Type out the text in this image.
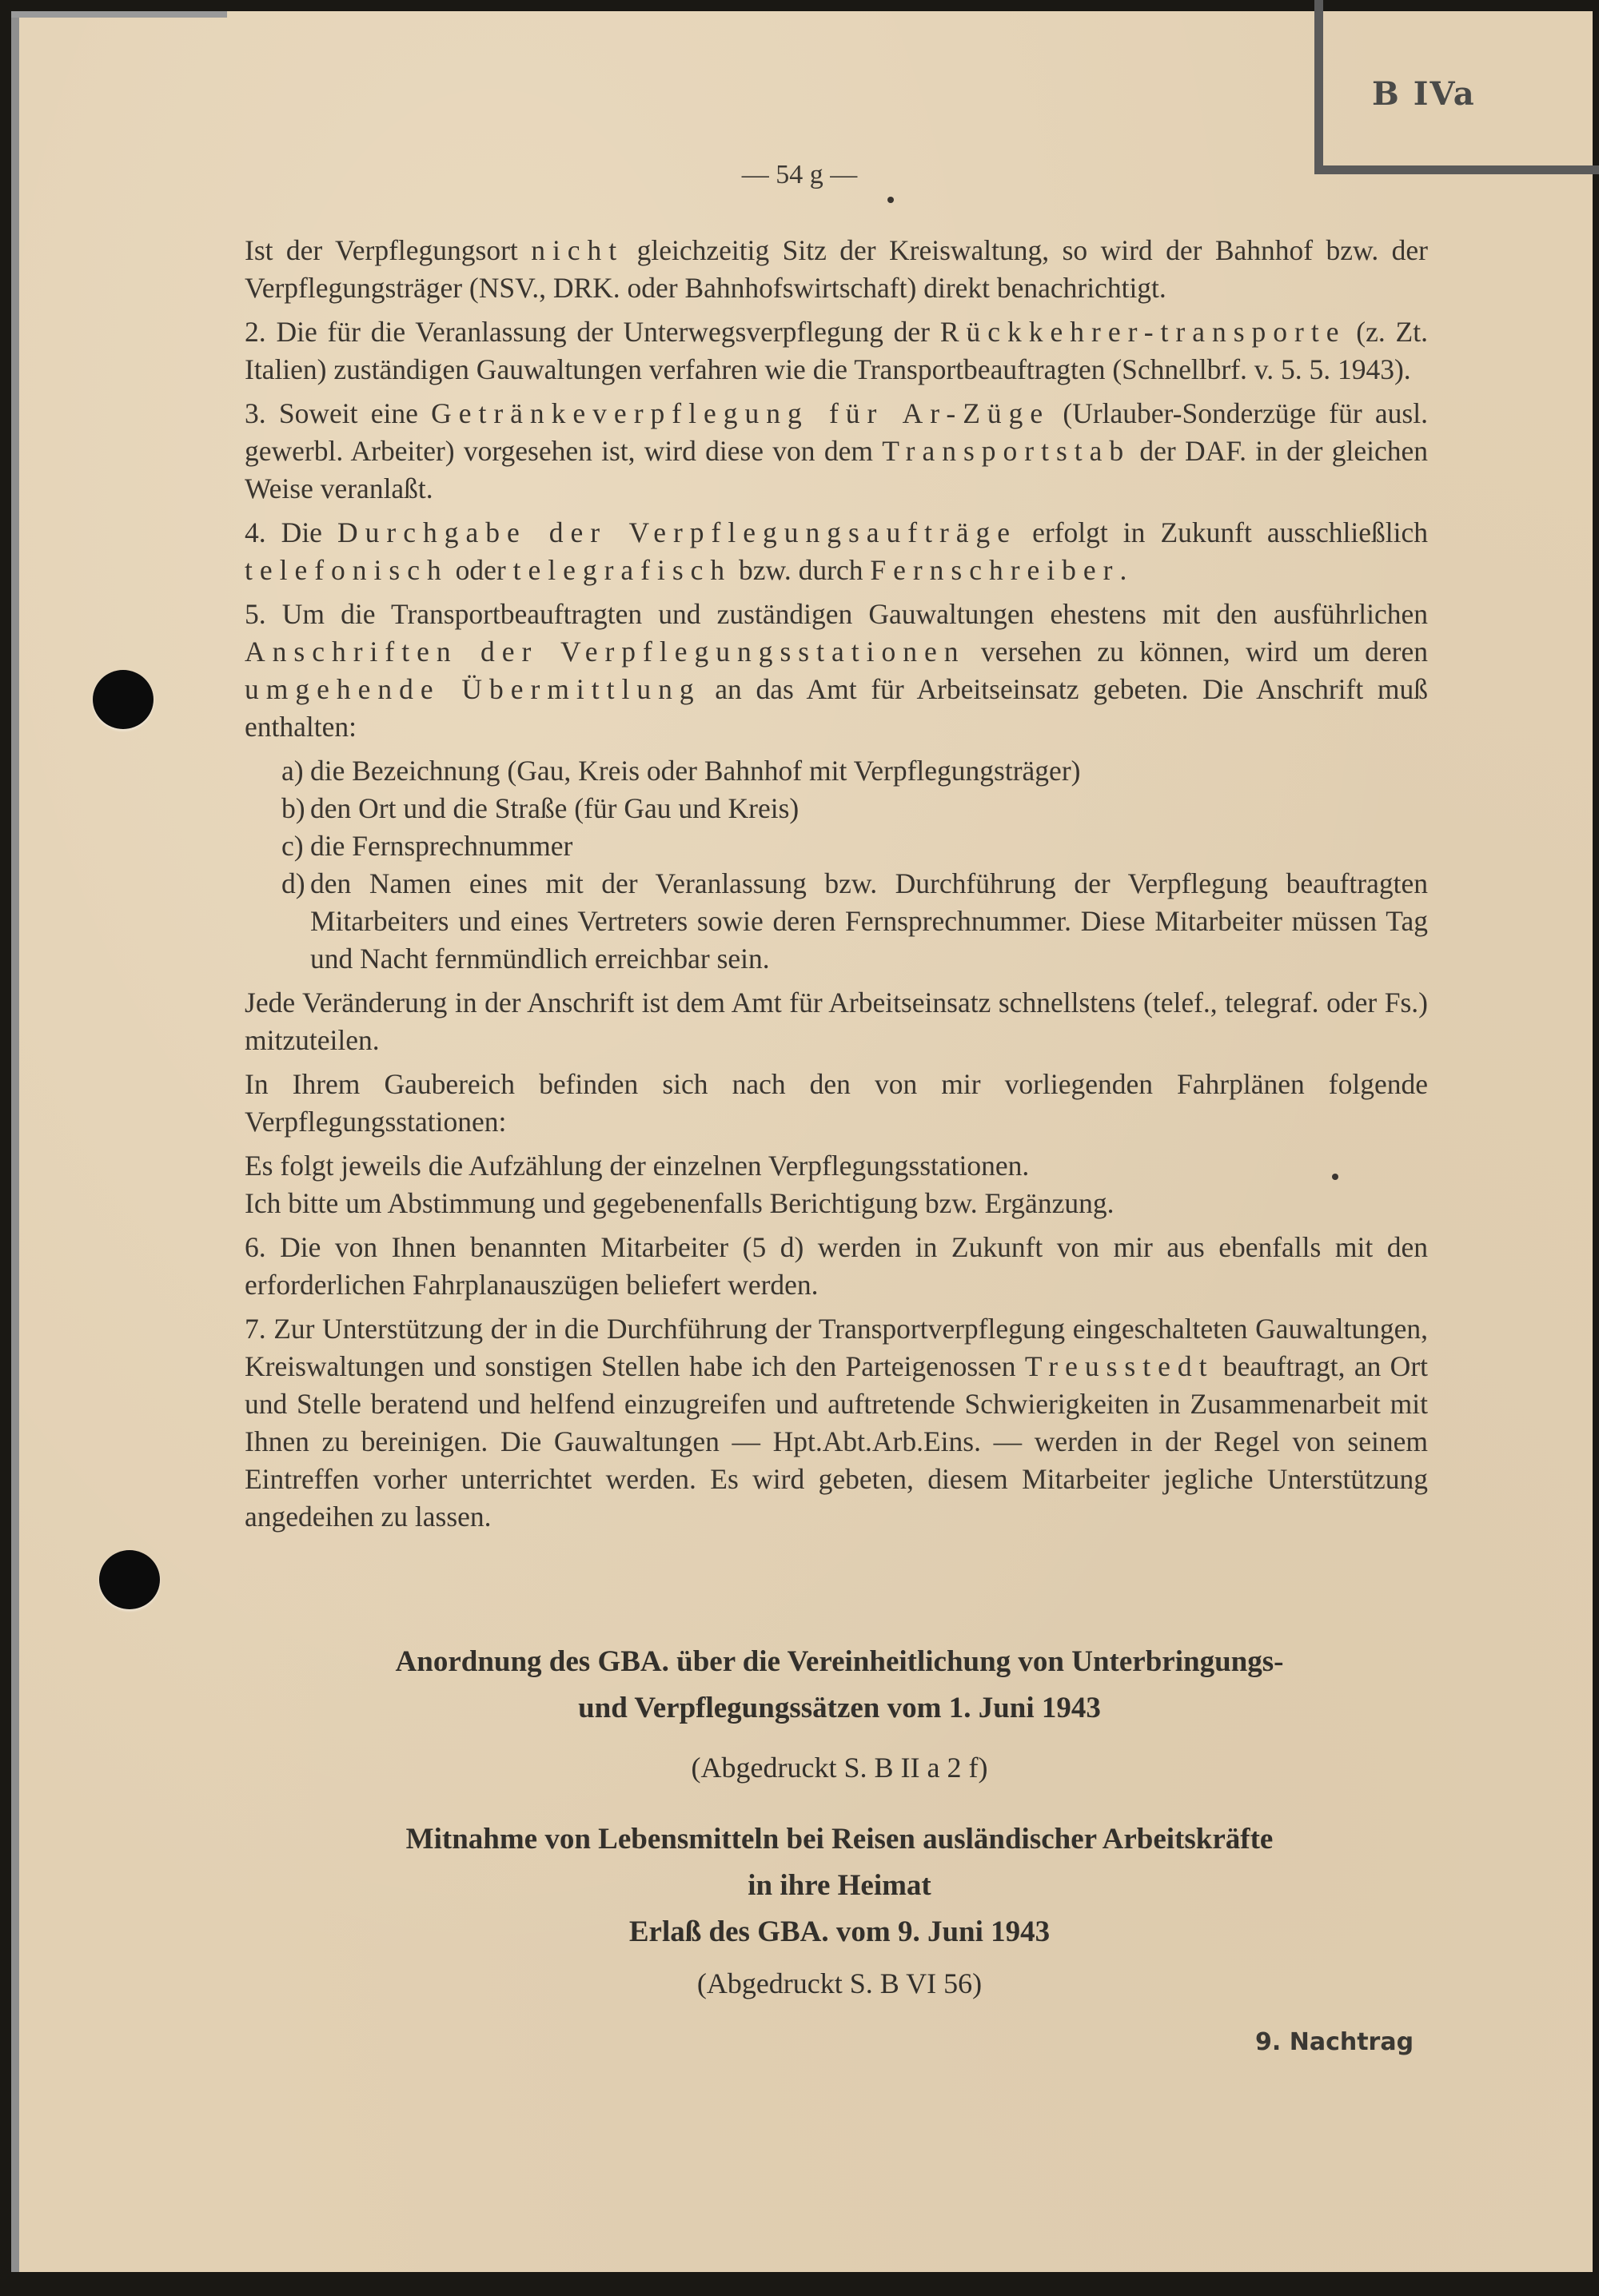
B IVa
— 54 g —

Ist der Verpflegungsort nicht gleichzeitig Sitz der Kreiswaltung, so wird der Bahnhof bzw. der Verpflegungsträger (NSV., DRK. oder Bahnhofswirtschaft) direkt benachrichtigt.

2. Die für die Veranlassung der Unterwegsverpflegung der Rückkehrer-transporte (z. Zt. Italien) zuständigen Gauwaltungen verfahren wie die Transportbeauftragten (Schnellbrf. v. 5. 5. 1943).

3. Soweit eine Getränkeverpflegung für Ar-Züge (Urlauber-Sonderzüge für ausl. gewerbl. Arbeiter) vorgesehen ist, wird diese von dem Transportstab der DAF. in der gleichen Weise veranlaßt.

4. Die Durchgabe der Verpflegungsaufträge erfolgt in Zukunft ausschließlich telefonisch oder telegrafisch bzw. durch Fernschreiber.

5. Um die Transportbeauftragten und zuständigen Gauwaltungen ehestens mit den ausführlichen Anschriften der Verpflegungsstationen versehen zu können, wird um deren umgehende Übermittlung an das Amt für Arbeitseinsatz gebeten. Die Anschrift muß enthalten:

a) die Bezeichnung (Gau, Kreis oder Bahnhof mit Verpflegungsträger)
b) den Ort und die Straße (für Gau und Kreis)
c) die Fernsprechnummer
d) den Namen eines mit der Veranlassung bzw. Durchführung der Verpflegung beauftragten Mitarbeiters und eines Vertreters sowie deren Fernsprechnummer. Diese Mitarbeiter müssen Tag und Nacht fernmündlich erreichbar sein.

Jede Veränderung in der Anschrift ist dem Amt für Arbeitseinsatz schnellstens (telef., telegraf. oder Fs.) mitzuteilen.

In Ihrem Gaubereich befinden sich nach den von mir vorliegenden Fahrplänen folgende Verpflegungsstationen:

Es folgt jeweils die Aufzählung der einzelnen Verpflegungsstationen.

Ich bitte um Abstimmung und gegebenenfalls Berichtigung bzw. Ergänzung.

6. Die von Ihnen benannten Mitarbeiter (5 d) werden in Zukunft von mir aus ebenfalls mit den erforderlichen Fahrplanauszügen beliefert werden.

7. Zur Unterstützung der in die Durchführung der Transportverpflegung eingeschalteten Gauwaltungen, Kreiswaltungen und sonstigen Stellen habe ich den Parteigenossen Treusstedt beauftragt, an Ort und Stelle beratend und helfend einzugreifen und auftretende Schwierigkeiten in Zusammenarbeit mit Ihnen zu bereinigen. Die Gauwaltungen — Hpt.Abt.Arb.Eins. — werden in der Regel von seinem Eintreffen vorher unterrichtet werden. Es wird gebeten, diesem Mitarbeiter jegliche Unterstützung angedeihen zu lassen.

Anordnung des GBA. über die Vereinheitlichung von Unterbringungs-
und Verpflegungssätzen vom 1. Juni 1943
(Abgedruckt S. B II a 2 f)
Mitnahme von Lebensmitteln bei Reisen ausländischer Arbeitskräfte
in ihre Heimat
Erlaß des GBA. vom 9. Juni 1943
(Abgedruckt S. B VI 56)
9. Nachtrag
